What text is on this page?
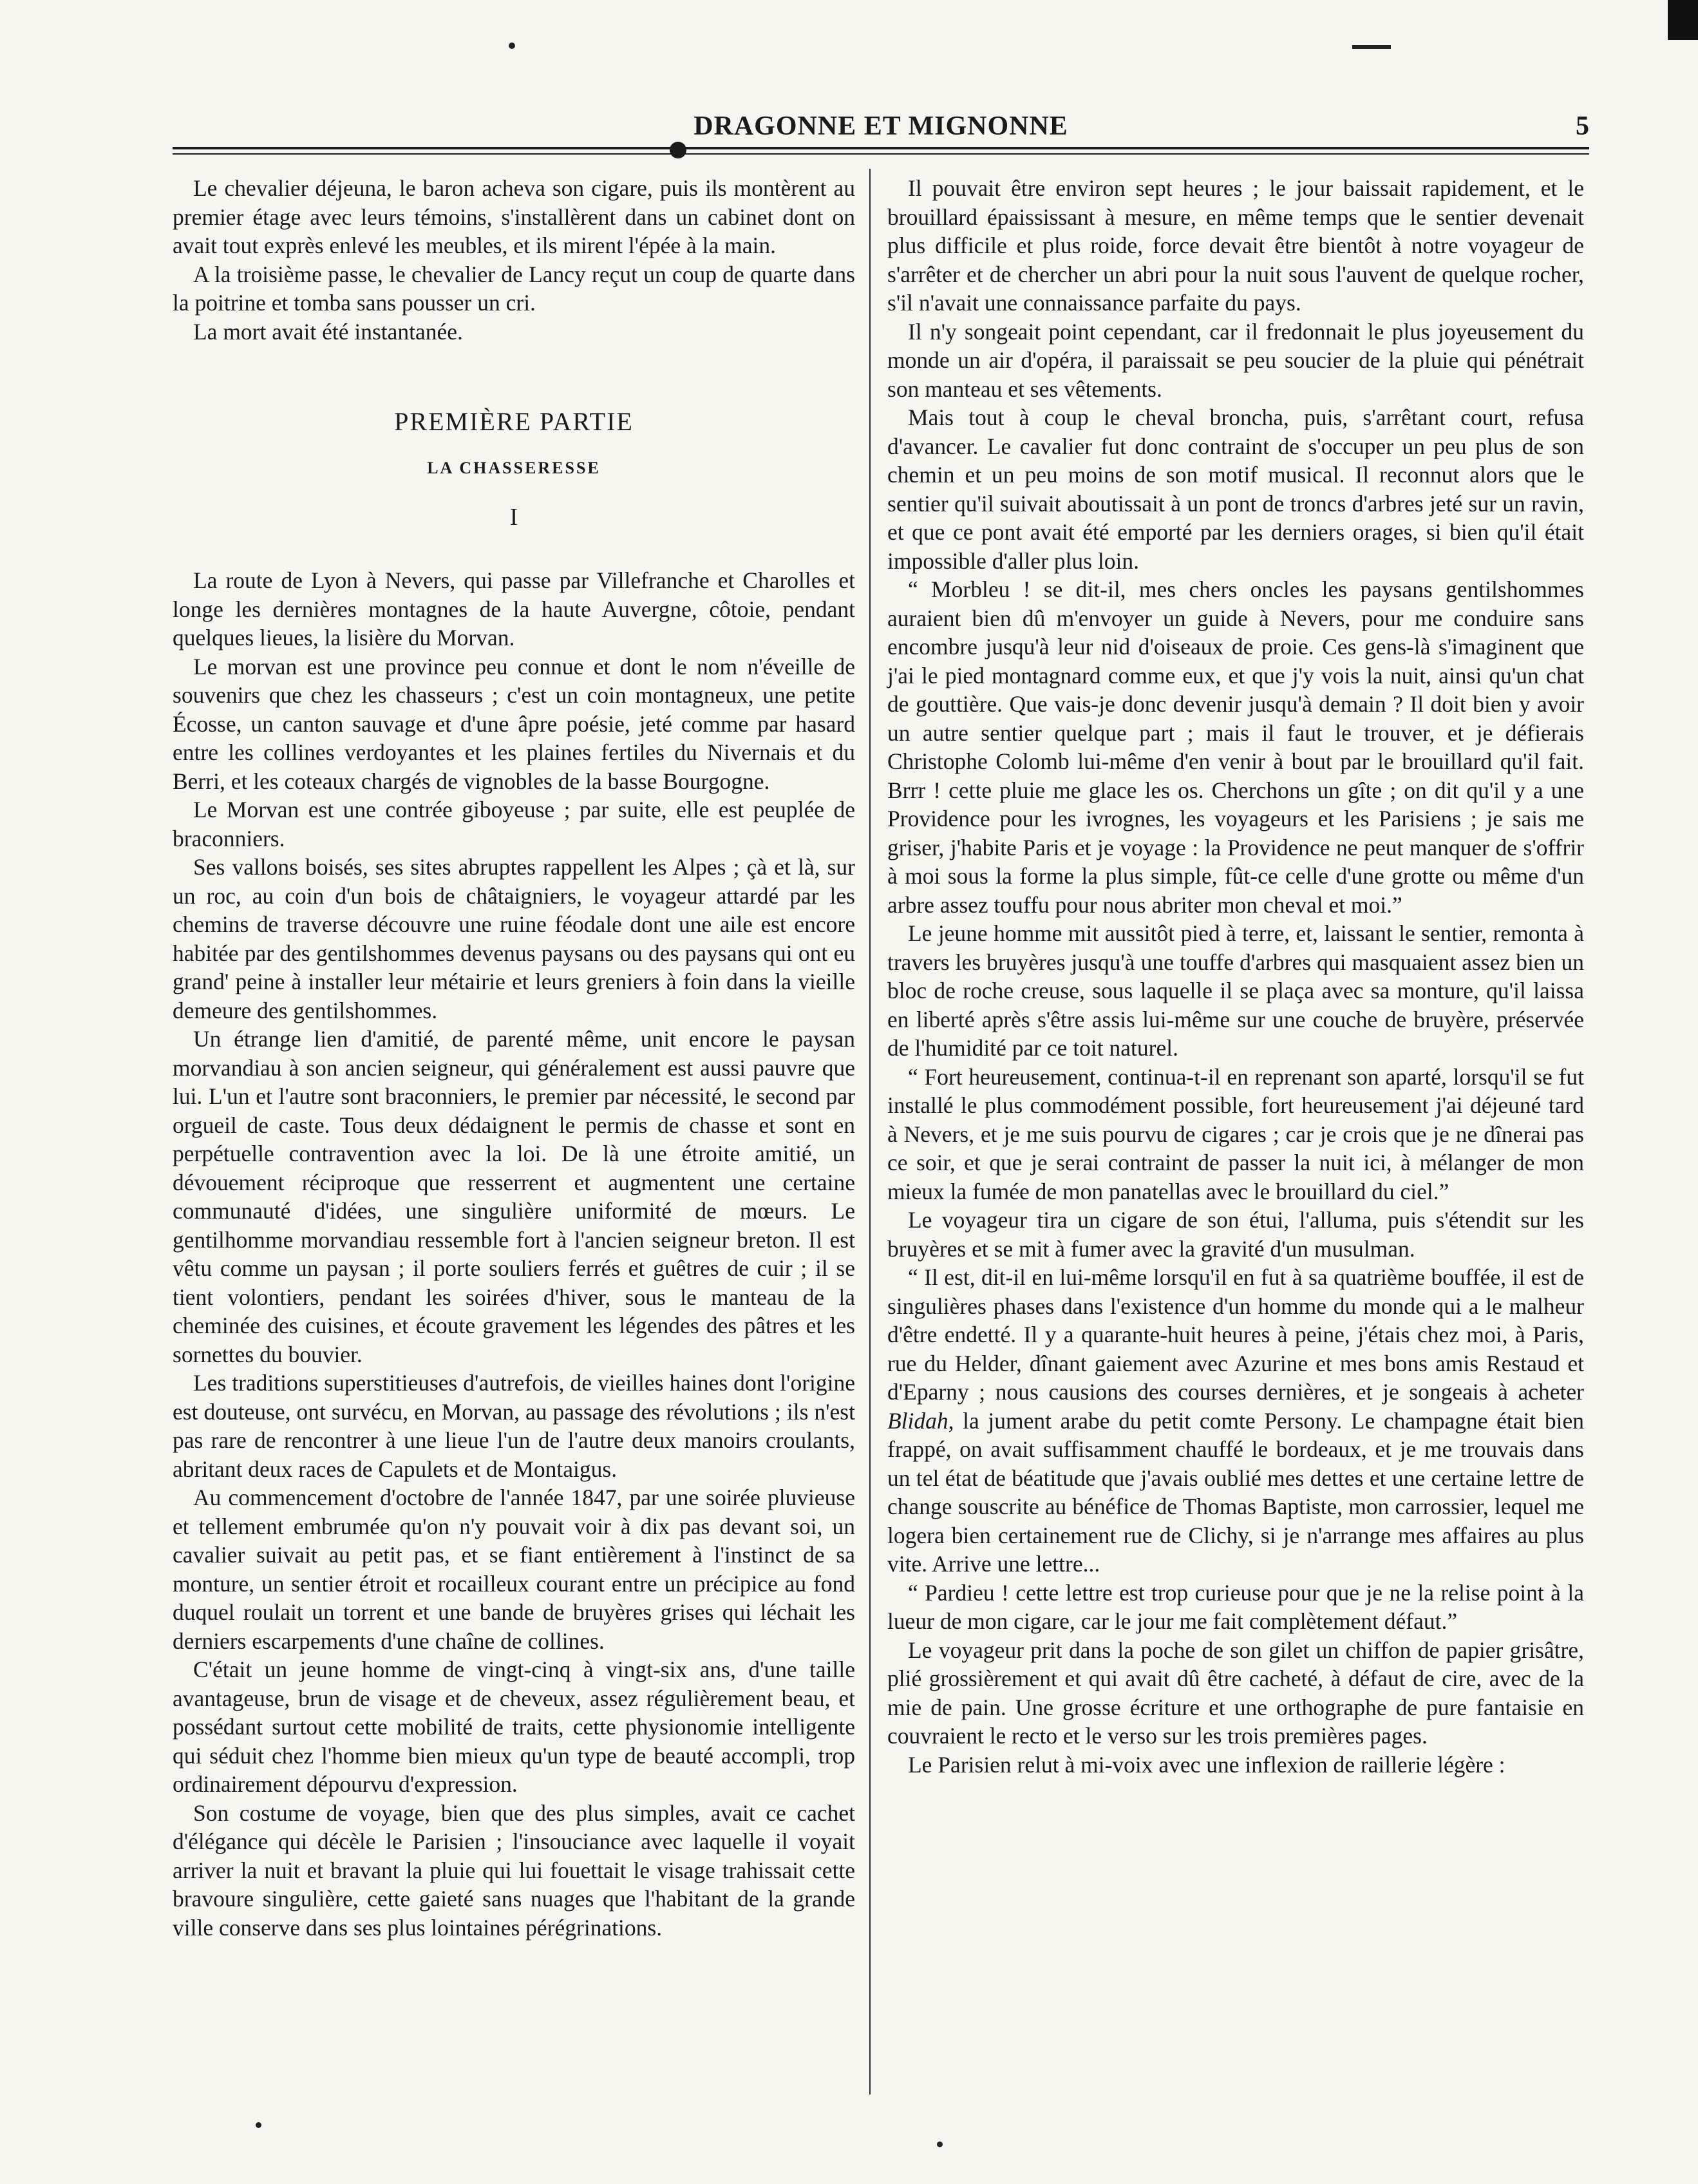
DRAGONNE ET MIGNONNE	5

Le chevalier déjeuna, le baron acheva son cigare, puis ils montèrent au premier étage avec leurs témoins, s'installèrent dans un cabinet dont on avait tout exprès enlevé les meubles, et ils mirent l'épée à la main.

A la troisième passe, le chevalier de Lancy reçut un coup de quarte dans la poitrine et tomba sans pousser un cri.

La mort avait été instantanée.

PREMIÈRE PARTIE
LA CHASSERESSE
I

La route de Lyon à Nevers, qui passe par Villefranche et Charolles et longe les dernières montagnes de la haute Auvergne, côtoie, pendant quelques lieues, la lisière du Morvan.

Le morvan est une province peu connue et dont le nom n'éveille de souvenirs que chez les chasseurs ; c'est un coin montagneux, une petite Écosse, un canton sauvage et d'une âpre poésie, jeté comme par hasard entre les collines verdoyantes et les plaines fertiles du Nivernais et du Berri, et les coteaux chargés de vignobles de la basse Bourgogne.

Le Morvan est une contrée giboyeuse ; par suite, elle est peuplée de braconniers.

Ses vallons boisés, ses sites abruptes rappellent les Alpes ; çà et là, sur un roc, au coin d'un bois de châtaigniers, le voyageur attardé par les chemins de traverse découvre une ruine féodale dont une aile est encore habitée par des gentilshommes devenus paysans ou des paysans qui ont eu grand' peine à installer leur métairie et leurs greniers à foin dans la vieille demeure des gentilshommes.

Un étrange lien d'amitié, de parenté même, unit encore le paysan morvandiau à son ancien seigneur, qui généralement est aussi pauvre que lui. L'un et l'autre sont braconniers, le premier par nécessité, le second par orgueil de caste. Tous deux dédaignent le permis de chasse et sont en perpétuelle contravention avec la loi. De là une étroite amitié, un dévouement réciproque que resserrent et augmentent une certaine communauté d'idées, une singulière uniformité de mœurs. Le gentilhomme morvandiau ressemble fort à l'ancien seigneur breton. Il est vêtu comme un paysan ; il porte souliers ferrés et guêtres de cuir ; il se tient volontiers, pendant les soirées d'hiver, sous le manteau de la cheminée des cuisines, et écoute gravement les légendes des pâtres et les sornettes du bouvier.

Les traditions superstitieuses d'autrefois, de vieilles haines dont l'origine est douteuse, ont survécu, en Morvan, au passage des révolutions ; ils n'est pas rare de rencontrer à une lieue l'un de l'autre deux manoirs croulants, abritant deux races de Capulets et de Montaigus.

Au commencement d'octobre de l'année 1847, par une soirée pluvieuse et tellement embrumée qu'on n'y pouvait voir à dix pas devant soi, un cavalier suivait au petit pas, et se fiant entièrement à l'instinct de sa monture, un sentier étroit et rocailleux courant entre un précipice au fond duquel roulait un torrent et une bande de bruyères grises qui léchait les derniers escarpements d'une chaîne de collines.

C'était un jeune homme de vingt-cinq à vingt-six ans, d'une taille avantageuse, brun de visage et de cheveux, assez régulièrement beau, et possédant surtout cette mobilité de traits, cette physionomie intelligente qui séduit chez l'homme bien mieux qu'un type de beauté accompli, trop ordinairement dépourvu d'expression.

Son costume de voyage, bien que des plus simples, avait ce cachet d'élégance qui décèle le Parisien ; l'insouciance avec laquelle il voyait arriver la nuit et bravant la pluie qui lui fouettait le visage trahissait cette bravoure singulière, cette gaieté sans nuages que l'habitant de la grande ville conserve dans ses plus lointaines pérégrinations.

Il pouvait être environ sept heures ; le jour baissait rapidement, et le brouillard épaississant à mesure, en même temps que le sentier devenait plus difficile et plus roide, force devait être bientôt à notre voyageur de s'arrêter et de chercher un abri pour la nuit sous l'auvent de quelque rocher, s'il n'avait une connaissance parfaite du pays.

Il n'y songeait point cependant, car il fredonnait le plus joyeusement du monde un air d'opéra, il paraissait se peu soucier de la pluie qui pénétrait son manteau et ses vêtements.

Mais tout à coup le cheval broncha, puis, s'arrêtant court, refusa d'avancer. Le cavalier fut donc contraint de s'occuper un peu plus de son chemin et un peu moins de son motif musical. Il reconnut alors que le sentier qu'il suivait aboutissait à un pont de troncs d'arbres jeté sur un ravin, et que ce pont avait été emporté par les derniers orages, si bien qu'il était impossible d'aller plus loin.

“ Morbleu ! se dit-il, mes chers oncles les paysans gentilshommes auraient bien dû m'envoyer un guide à Nevers, pour me conduire sans encombre jusqu'à leur nid d'oiseaux de proie. Ces gens-là s'imaginent que j'ai le pied montagnard comme eux, et que j'y vois la nuit, ainsi qu'un chat de gouttière. Que vais-je donc devenir jusqu'à demain ? Il doit bien y avoir un autre sentier quelque part ; mais il faut le trouver, et je défierais Christophe Colomb lui-même d'en venir à bout par le brouillard qu'il fait. Brrr ! cette pluie me glace les os. Cherchons un gîte ; on dit qu'il y a une Providence pour les ivrognes, les voyageurs et les Parisiens ; je sais me griser, j'habite Paris et je voyage : la Providence ne peut manquer de s'offrir à moi sous la forme la plus simple, fût-ce celle d'une grotte ou même d'un arbre assez touffu pour nous abriter mon cheval et moi.”

Le jeune homme mit aussitôt pied à terre, et, laissant le sentier, remonta à travers les bruyères jusqu'à une touffe d'arbres qui masquaient assez bien un bloc de roche creuse, sous laquelle il se plaça avec sa monture, qu'il laissa en liberté après s'être assis lui-même sur une couche de bruyère, préservée de l'humidité par ce toit naturel.

“ Fort heureusement, continua-t-il en reprenant son aparté, lorsqu'il se fut installé le plus commodément possible, fort heureusement j'ai déjeuné tard à Nevers, et je me suis pourvu de cigares ; car je crois que je ne dînerai pas ce soir, et que je serai contraint de passer la nuit ici, à mélanger de mon mieux la fumée de mon panatellas avec le brouillard du ciel.”

Le voyageur tira un cigare de son étui, l'alluma, puis s'étendit sur les bruyères et se mit à fumer avec la gravité d'un musulman.

“ Il est, dit-il en lui-même lorsqu'il en fut à sa quatrième bouffée, il est de singulières phases dans l'existence d'un homme du monde qui a le malheur d'être endetté. Il y a quarante-huit heures à peine, j'étais chez moi, à Paris, rue du Helder, dînant gaiement avec Azurine et mes bons amis Restaud et d'Eparny ; nous causions des courses dernières, et je songeais à acheter Blidah, la jument arabe du petit comte Persony. Le champagne était bien frappé, on avait suffisamment chauffé le bordeaux, et je me trouvais dans un tel état de béatitude que j'avais oublié mes dettes et une certaine lettre de change souscrite au bénéfice de Thomas Baptiste, mon carrossier, lequel me logera bien certainement rue de Clichy, si je n'arrange mes affaires au plus vite. Arrive une lettre...

“ Pardieu ! cette lettre est trop curieuse pour que je ne la relise point à la lueur de mon cigare, car le jour me fait complètement défaut.”

Le voyageur prit dans la poche de son gilet un chiffon de papier grisâtre, plié grossièrement et qui avait dû être cacheté, à défaut de cire, avec de la mie de pain. Une grosse écriture et une orthographe de pure fantaisie en couvraient le recto et le verso sur les trois premières pages.

Le Parisien relut à mi-voix avec une inflexion de raillerie légère :
